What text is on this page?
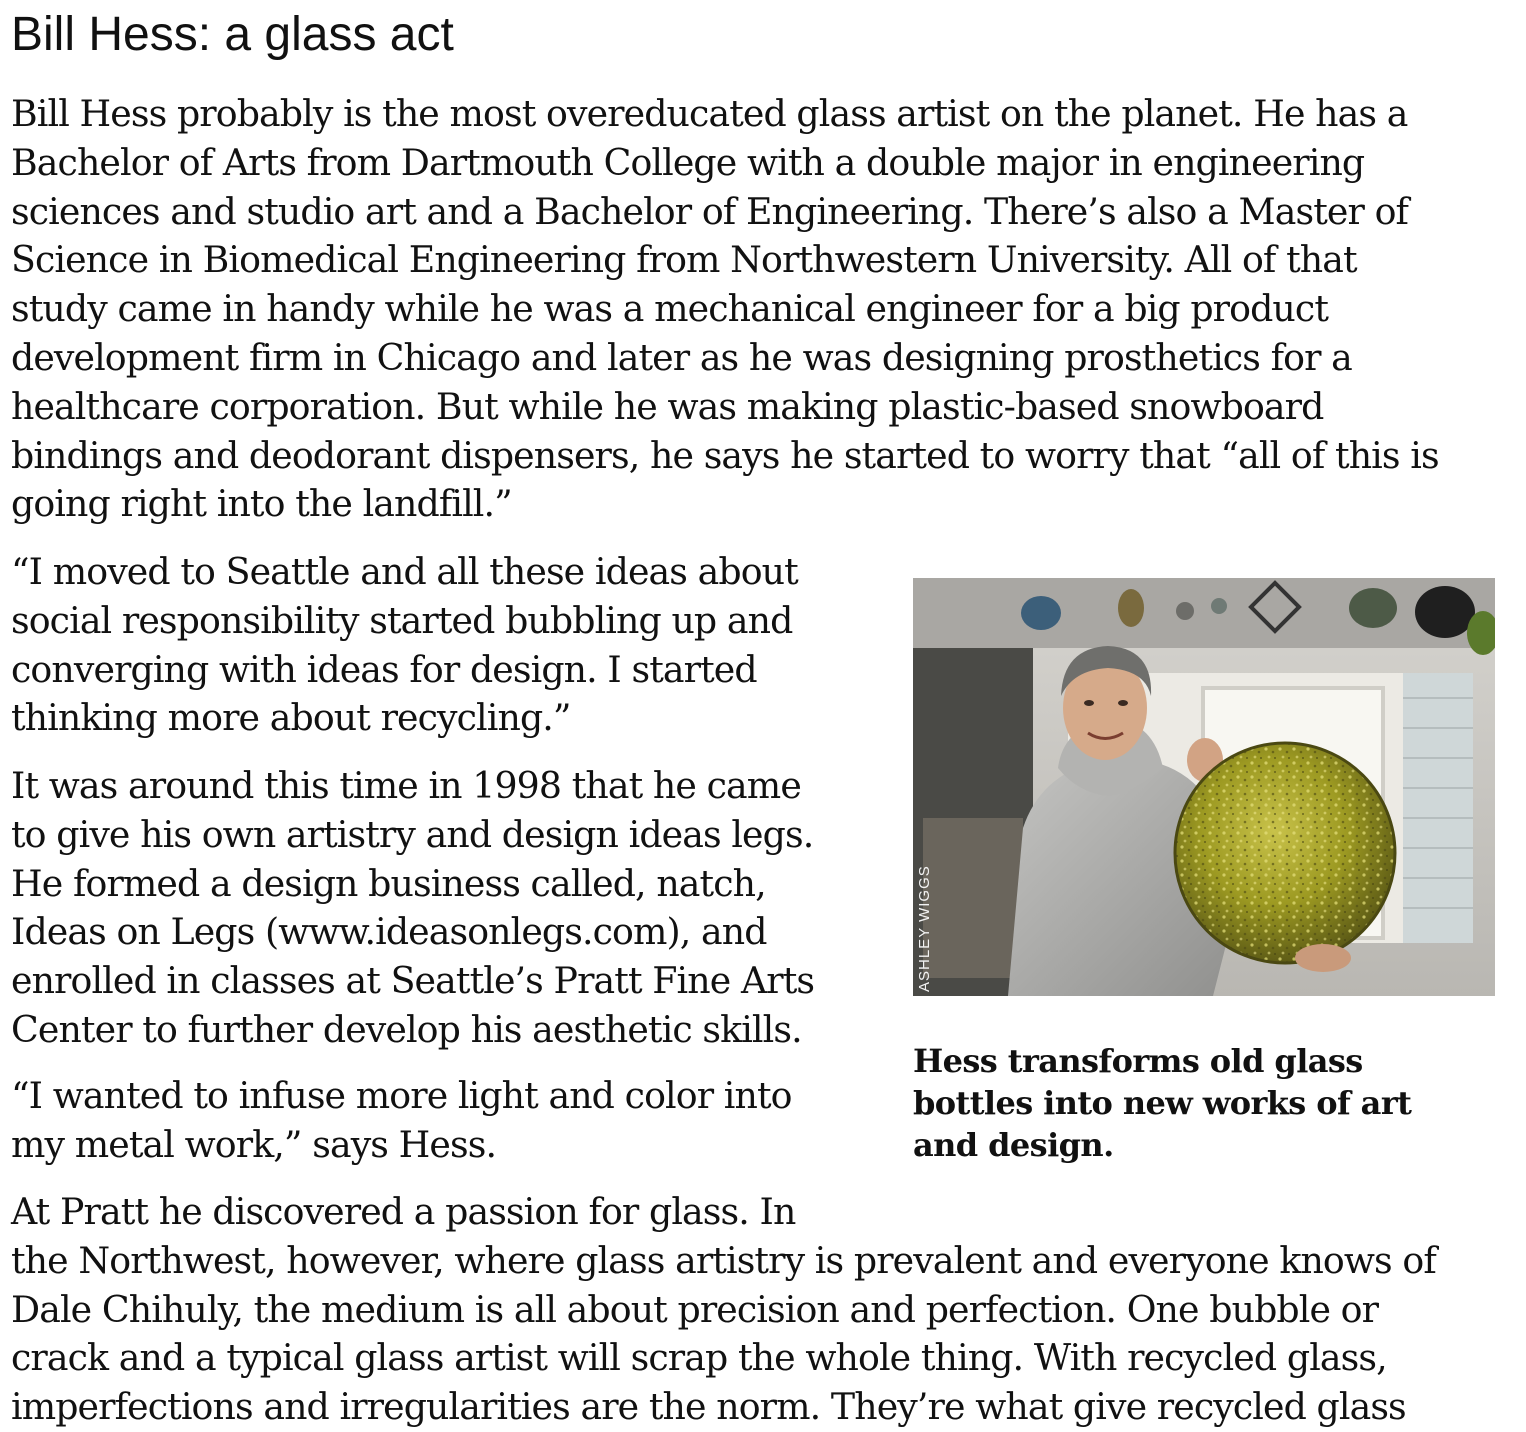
Bill Hess: a glass act

Bill Hess probably is the most overeducated glass artist on the planet. He has a
Bachelor of Arts from Dartmouth College with a double major in engineering
sciences and studio art and a Bachelor of Engineering. There’s also a Master of
Science in Biomedical Engineering from Northwestern University. All of that
study came in handy while he was a mechanical engineer for a big product
development firm in Chicago and later as he was designing prosthetics for a
healthcare corporation. But while he was making plastic-based snowboard
bindings and deodorant dispensers, he says he started to worry that “all of this is
going right into the landfill.”

“I moved to Seattle and all these ideas about
social responsibility started bubbling up and
converging with ideas for design. I started
thinking more about recycling.”

It was around this time in 1998 that he came
to give his own artistry and design ideas legs.
He formed a design business called, natch,
Ideas on Legs (www.ideasonlegs.com), and
enrolled in classes at Seattle’s Pratt Fine Arts
Center to further develop his aesthetic skills.

“I wanted to infuse more light and color into
my metal work,” says Hess.

At Pratt he discovered a passion for glass. In
the Northwest, however, where glass artistry is prevalent and everyone knows of
Dale Chihuly, the medium is all about precision and perfection. One bubble or
crack and a typical glass artist will scrap the whole thing. With recycled glass,
imperfections and irregularities are the norm. They’re what give recycled glass

ASHLEY WIGGS

Hess transforms old glass
bottles into new works of art
and design.
